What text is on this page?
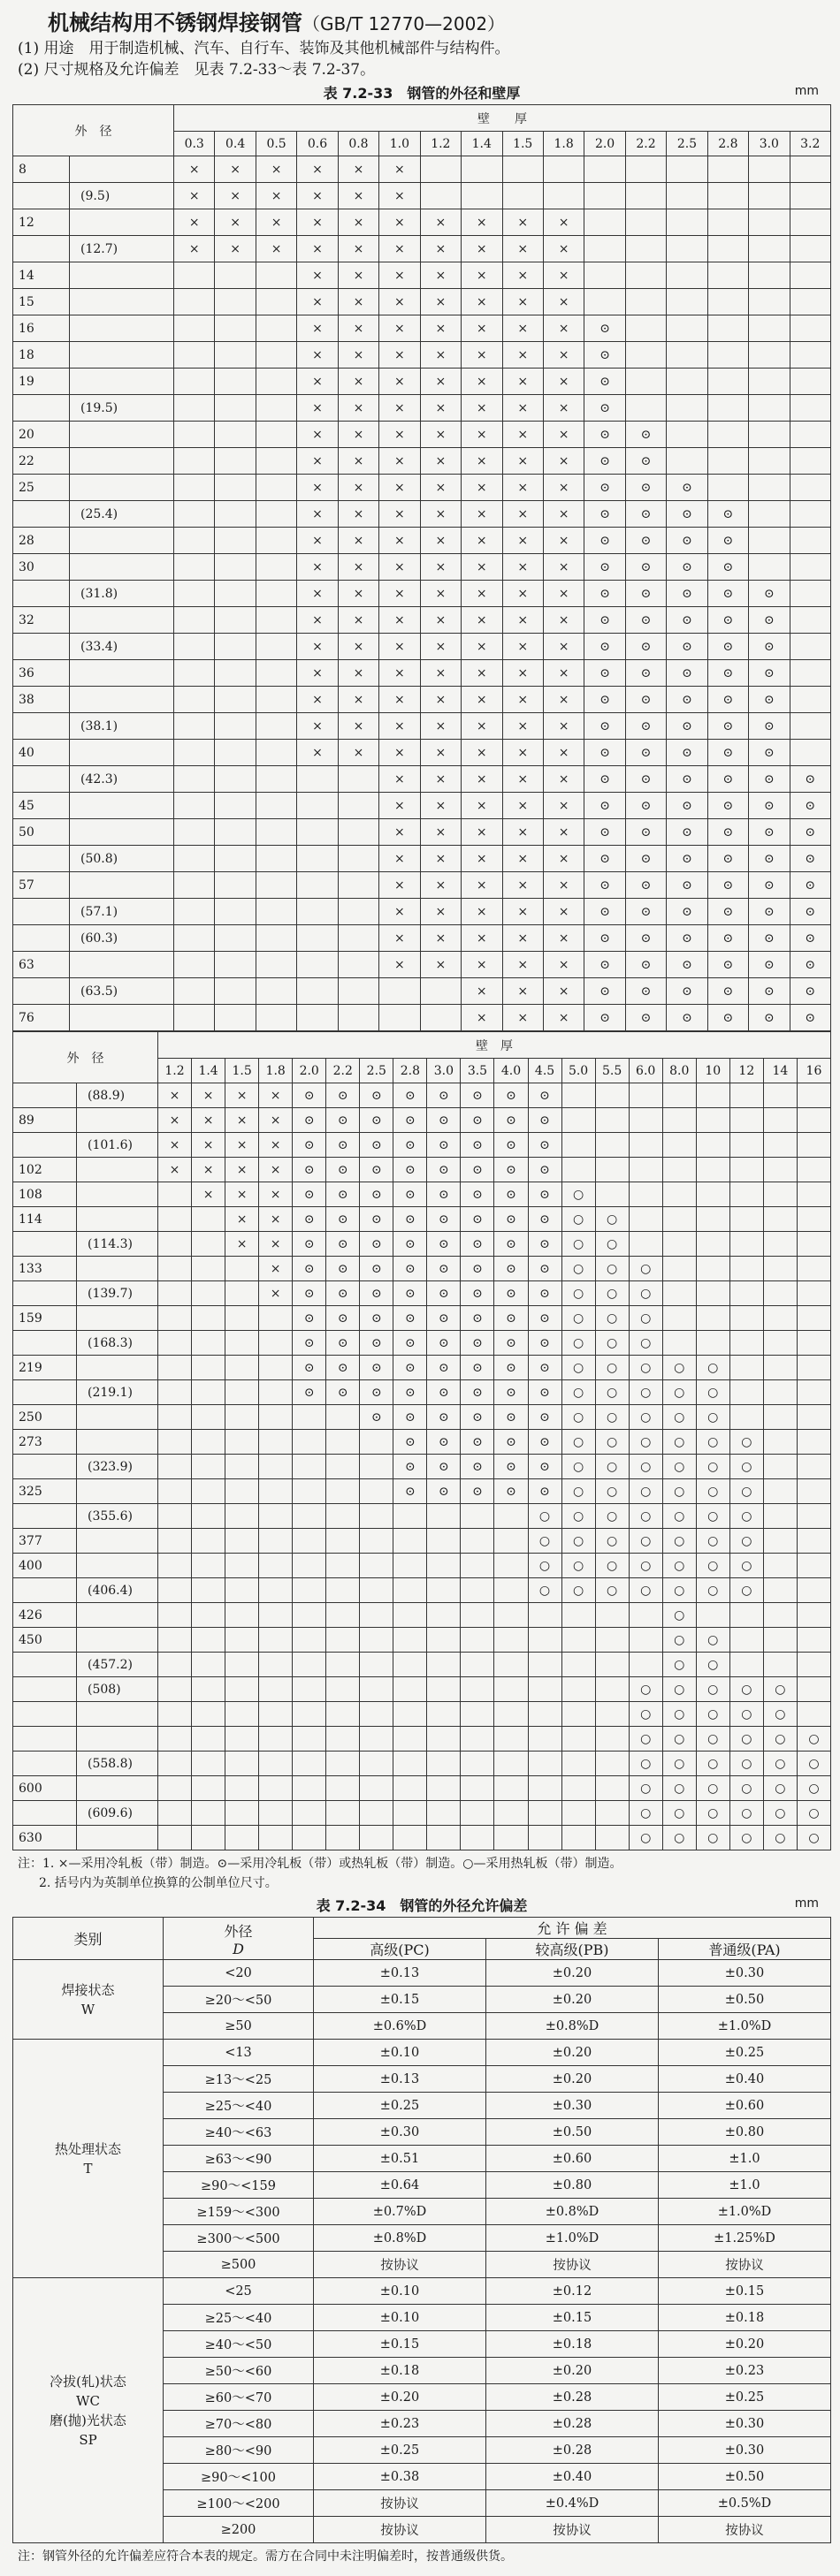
机械结构用不锈钢焊接钢管（GB/T 12770—2002）
(1) 用途　用于制造机械、汽车、自行车、装饰及其他机械部件与结构件。
(2) 尺寸规格及允许偏差　见表 7.2-33～表 7.2-37。
表 7.2-33　钢管的外径和壁厚	mm
外　径		壁　　厚															
		0.3	0.4	0.5	0.6	0.8	1.0	1.2	1.4	1.5	1.8	2.0	2.2	2.5	2.8	3.0	3.2
8		×	×	×	×	×	×										
	(9.5)	×	×	×	×	×	×										
12		×	×	×	×	×	×	×	×	×	×						
	(12.7)	×	×	×	×	×	×	×	×	×	×						
14					×	×	×	×	×	×	×						
15					×	×	×	×	×	×	×						
16					×	×	×	×	×	×	×	⊙					
18					×	×	×	×	×	×	×	⊙					
19					×	×	×	×	×	×	×	⊙					
	(19.5)				×	×	×	×	×	×	×	⊙					
20					×	×	×	×	×	×	×	⊙	⊙				
22					×	×	×	×	×	×	×	⊙	⊙				
25					×	×	×	×	×	×	×	⊙	⊙	⊙			
	(25.4)				×	×	×	×	×	×	×	⊙	⊙	⊙	⊙		
28					×	×	×	×	×	×	×	⊙	⊙	⊙	⊙		
30					×	×	×	×	×	×	×	⊙	⊙	⊙	⊙		
	(31.8)				×	×	×	×	×	×	×	⊙	⊙	⊙	⊙	⊙	
32					×	×	×	×	×	×	×	⊙	⊙	⊙	⊙	⊙	
	(33.4)				×	×	×	×	×	×	×	⊙	⊙	⊙	⊙	⊙	
36					×	×	×	×	×	×	×	⊙	⊙	⊙	⊙	⊙	
38					×	×	×	×	×	×	×	⊙	⊙	⊙	⊙	⊙	
	(38.1)				×	×	×	×	×	×	×	⊙	⊙	⊙	⊙	⊙	
40					×	×	×	×	×	×	×	⊙	⊙	⊙	⊙	⊙	
	(42.3)						×	×	×	×	×	⊙	⊙	⊙	⊙	⊙	⊙
45							×	×	×	×	×	⊙	⊙	⊙	⊙	⊙	⊙
50							×	×	×	×	×	⊙	⊙	⊙	⊙	⊙	⊙
	(50.8)						×	×	×	×	×	⊙	⊙	⊙	⊙	⊙	⊙
57							×	×	×	×	×	⊙	⊙	⊙	⊙	⊙	⊙
	(57.1)						×	×	×	×	×	⊙	⊙	⊙	⊙	⊙	⊙
	(60.3)						×	×	×	×	×	⊙	⊙	⊙	⊙	⊙	⊙
63							×	×	×	×	×	⊙	⊙	⊙	⊙	⊙	⊙
	(63.5)								×	×	×	⊙	⊙	⊙	⊙	⊙	⊙
76									×	×	×	⊙	⊙	⊙	⊙	⊙	⊙
外　径		壁　厚																			
		1.2	1.4	1.5	1.8	2.0	2.2	2.5	2.8	3.0	3.5	4.0	4.5	5.0	5.5	6.0	8.0	10	12	14	16
	(88.9)	×	×	×	×	⊙	⊙	⊙	⊙	⊙	⊙	⊙	⊙								
89		×	×	×	×	⊙	⊙	⊙	⊙	⊙	⊙	⊙	⊙								
	(101.6)	×	×	×	×	⊙	⊙	⊙	⊙	⊙	⊙	⊙	⊙								
102		×	×	×	×	⊙	⊙	⊙	⊙	⊙	⊙	⊙	⊙								
108			×	×	×	⊙	⊙	⊙	⊙	⊙	⊙	⊙	⊙	○							
114				×	×	⊙	⊙	⊙	⊙	⊙	⊙	⊙	⊙	○	○						
	(114.3)			×	×	⊙	⊙	⊙	⊙	⊙	⊙	⊙	⊙	○	○						
133					×	⊙	⊙	⊙	⊙	⊙	⊙	⊙	⊙	○	○	○					
	(139.7)				×	⊙	⊙	⊙	⊙	⊙	⊙	⊙	⊙	○	○	○					
159						⊙	⊙	⊙	⊙	⊙	⊙	⊙	⊙	○	○	○					
	(168.3)					⊙	⊙	⊙	⊙	⊙	⊙	⊙	⊙	○	○	○					
219						⊙	⊙	⊙	⊙	⊙	⊙	⊙	⊙	○	○	○	○	○			
	(219.1)					⊙	⊙	⊙	⊙	⊙	⊙	⊙	⊙	○	○	○	○	○			
250								⊙	⊙	⊙	⊙	⊙	⊙	○	○	○	○	○			
273									⊙	⊙	⊙	⊙	⊙	○	○	○	○	○	○		
	(323.9)								⊙	⊙	⊙	⊙	⊙	○	○	○	○	○	○		
325									⊙	⊙	⊙	⊙	⊙	○	○	○	○	○	○		
	(355.6)												○	○	○	○	○	○	○		
377													○	○	○	○	○	○	○		
400													○	○	○	○	○	○	○		
	(406.4)												○	○	○	○	○	○	○		
426																	○				
450																	○	○			
	(457.2)																○	○			
	(508)															○	○	○	○	○	
																○	○	○	○	○	
																○	○	○	○	○	○
	(558.8)															○	○	○	○	○	○
600																○	○	○	○	○	○
	(609.6)															○	○	○	○	○	○
630																○	○	○	○	○	○
注：1. ×—采用冷轧板（带）制造。⊙—采用冷轧板（带）或热轧板（带）制造。○—采用热轧板（带）制造。
2. 括号内为英制单位换算的公制单位尺寸。
表 7.2-34　钢管的外径允许偏差	mm
类别	外径
D	允 许 偏 差		
		高级(PC)	较高级(PB)	普通级(PA)

焊接状态
W	<20	±0.13	±0.20	±0.30
	≥20～<50	±0.15	±0.20	±0.50
	≥50	±0.6%D	±0.8%D	±1.0%D

热处理状态
T	<13	±0.10	±0.20	±0.25
	≥13～<25	±0.13	±0.20	±0.40
	≥25～<40	±0.25	±0.30	±0.60
	≥40～<63	±0.30	±0.50	±0.80
	≥63～<90	±0.51	±0.60	±1.0
	≥90～<159	±0.64	±0.80	±1.0
	≥159～<300	±0.7%D	±0.8%D	±1.0%D
	≥300～<500	±0.8%D	±1.0%D	±1.25%D
	≥500	按协议	按协议	按协议

冷拔(轧)状态
WC
磨(抛)光状态
SP	<25	±0.10	±0.12	±0.15
	≥25～<40	±0.10	±0.15	±0.18
	≥40～<50	±0.15	±0.18	±0.20
	≥50～<60	±0.18	±0.20	±0.23
	≥60～<70	±0.20	±0.28	±0.25
	≥70～<80	±0.23	±0.28	±0.30
	≥80～<90	±0.25	±0.28	±0.30
	≥90～<100	±0.38	±0.40	±0.50
	≥100～<200	按协议	±0.4%D	±0.5%D
	≥200	按协议	按协议	按协议
注：钢管外径的允许偏差应符合本表的规定。需方在合同中未注明偏差时，按普通级供货。
